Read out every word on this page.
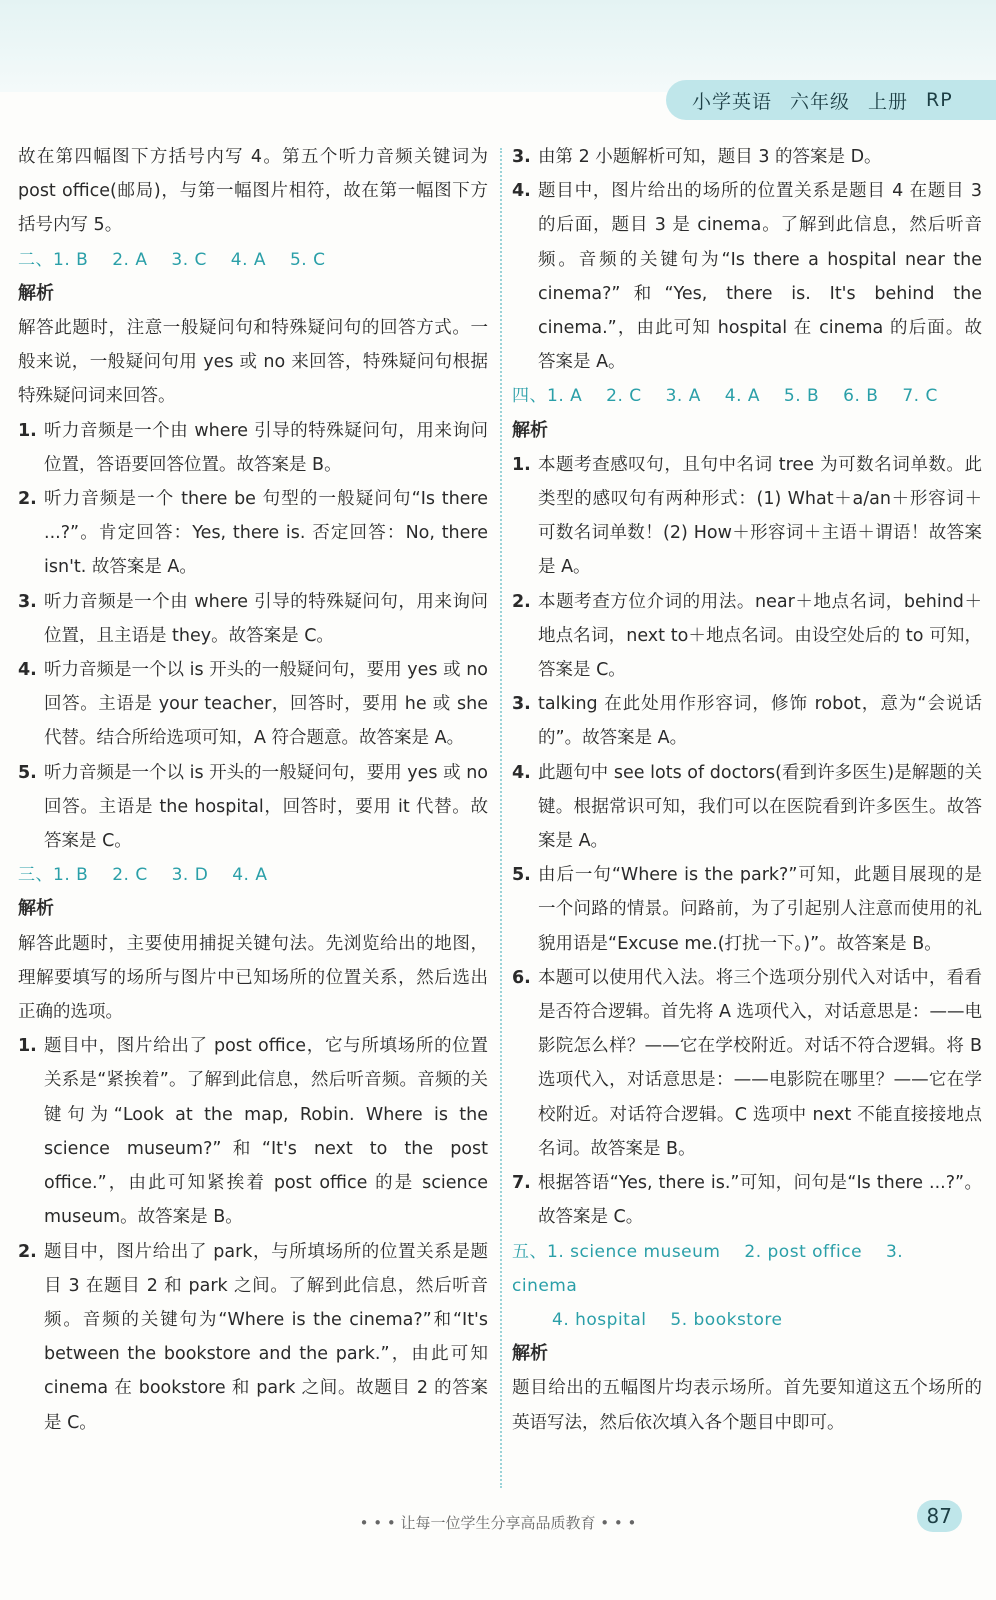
小学英语 六年级 上册 RP

故在第四幅图下方括号内写 4。第五个听力音频关键词为 post office(邮局)，与第一幅图片相符，故在第一幅图下方括号内写 5。

二、1. B 2. A 3. C 4. A 5. C

解析

解答此题时，注意一般疑问句和特殊疑问句的回答方式。一般来说，一般疑问句用 yes 或 no 来回答，特殊疑问句根据特殊疑问词来回答。

1. 听力音频是一个由 where 引导的特殊疑问句，用来询问位置，答语要回答位置。故答案是 B。
2. 听力音频是一个 there be 句型的一般疑问句“Is there ...?”。肯定回答：Yes, there is. 否定回答：No, there isn't. 故答案是 A。
3. 听力音频是一个由 where 引导的特殊疑问句，用来询问位置，且主语是 they。故答案是 C。
4. 听力音频是一个以 is 开头的一般疑问句，要用 yes 或 no 回答。主语是 your teacher，回答时，要用 he 或 she 代替。结合所给选项可知，A 符合题意。故答案是 A。
5. 听力音频是一个以 is 开头的一般疑问句，要用 yes 或 no 回答。主语是 the hospital，回答时，要用 it 代替。故答案是 C。

三、1. B 2. C 3. D 4. A

解析

解答此题时，主要使用捕捉关键句法。先浏览给出的地图，理解要填写的场所与图片中已知场所的位置关系，然后选出正确的选项。

1. 题目中，图片给出了 post office，它与所填场所的位置关系是“紧挨着”。了解到此信息，然后听音频。音频的关键句为“Look at the map, Robin. Where is the science museum?”和“It's next to the post office.”，由此可知紧挨着 post office 的是 science museum。故答案是 B。
2. 题目中，图片给出了 park，与所填场所的位置关系是题目 3 在题目 2 和 park 之间。了解到此信息，然后听音频。音频的关键句为“Where is the cinema?”和“It's between the bookstore and the park.”，由此可知 cinema 在 bookstore 和 park 之间。故题目 2 的答案是 C。
3. 由第 2 小题解析可知，题目 3 的答案是 D。
4. 题目中，图片给出的场所的位置关系是题目 4 在题目 3 的后面，题目 3 是 cinema。了解到此信息，然后听音频。音频的关键句为“Is there a hospital near the cinema?”和“Yes, there is. It's behind the cinema.”，由此可知 hospital 在 cinema 的后面。故答案是 A。

四、1. A 2. C 3. A 4. A 5. B 6. B 7. C

解析

1. 本题考查感叹句，且句中名词 tree 为可数名词单数。此类型的感叹句有两种形式：(1) What＋a/an＋形容词＋可数名词单数！(2) How＋形容词＋主语＋谓语！故答案是 A。
2. 本题考查方位介词的用法。near＋地点名词，behind＋地点名词，next to＋地点名词。由设空处后的 to 可知，答案是 C。
3. talking 在此处用作形容词，修饰 robot，意为“会说话的”。故答案是 A。
4. 此题句中 see lots of doctors(看到许多医生)是解题的关键。根据常识可知，我们可以在医院看到许多医生。故答案是 A。
5. 由后一句“Where is the park?”可知，此题目展现的是一个问路的情景。问路前，为了引起别人注意而使用的礼貌用语是“Excuse me.(打扰一下。)”。故答案是 B。
6. 本题可以使用代入法。将三个选项分别代入对话中，看看是否符合逻辑。首先将 A 选项代入，对话意思是：——电影院怎么样？——它在学校附近。对话不符合逻辑。将 B 选项代入，对话意思是：——电影院在哪里？——它在学校附近。对话符合逻辑。C 选项中 next 不能直接接地点名词。故答案是 B。
7. 根据答语“Yes, there is.”可知，问句是“Is there ...?”。故答案是 C。

五、1. science museum 2. post office 3. cinema

4. hospital 5. bookstore

解析

题目给出的五幅图片均表示场所。首先要知道这五个场所的英语写法，然后依次填入各个题目中即可。

• • • 让每一位学生分享高品质教育 • • •	87
